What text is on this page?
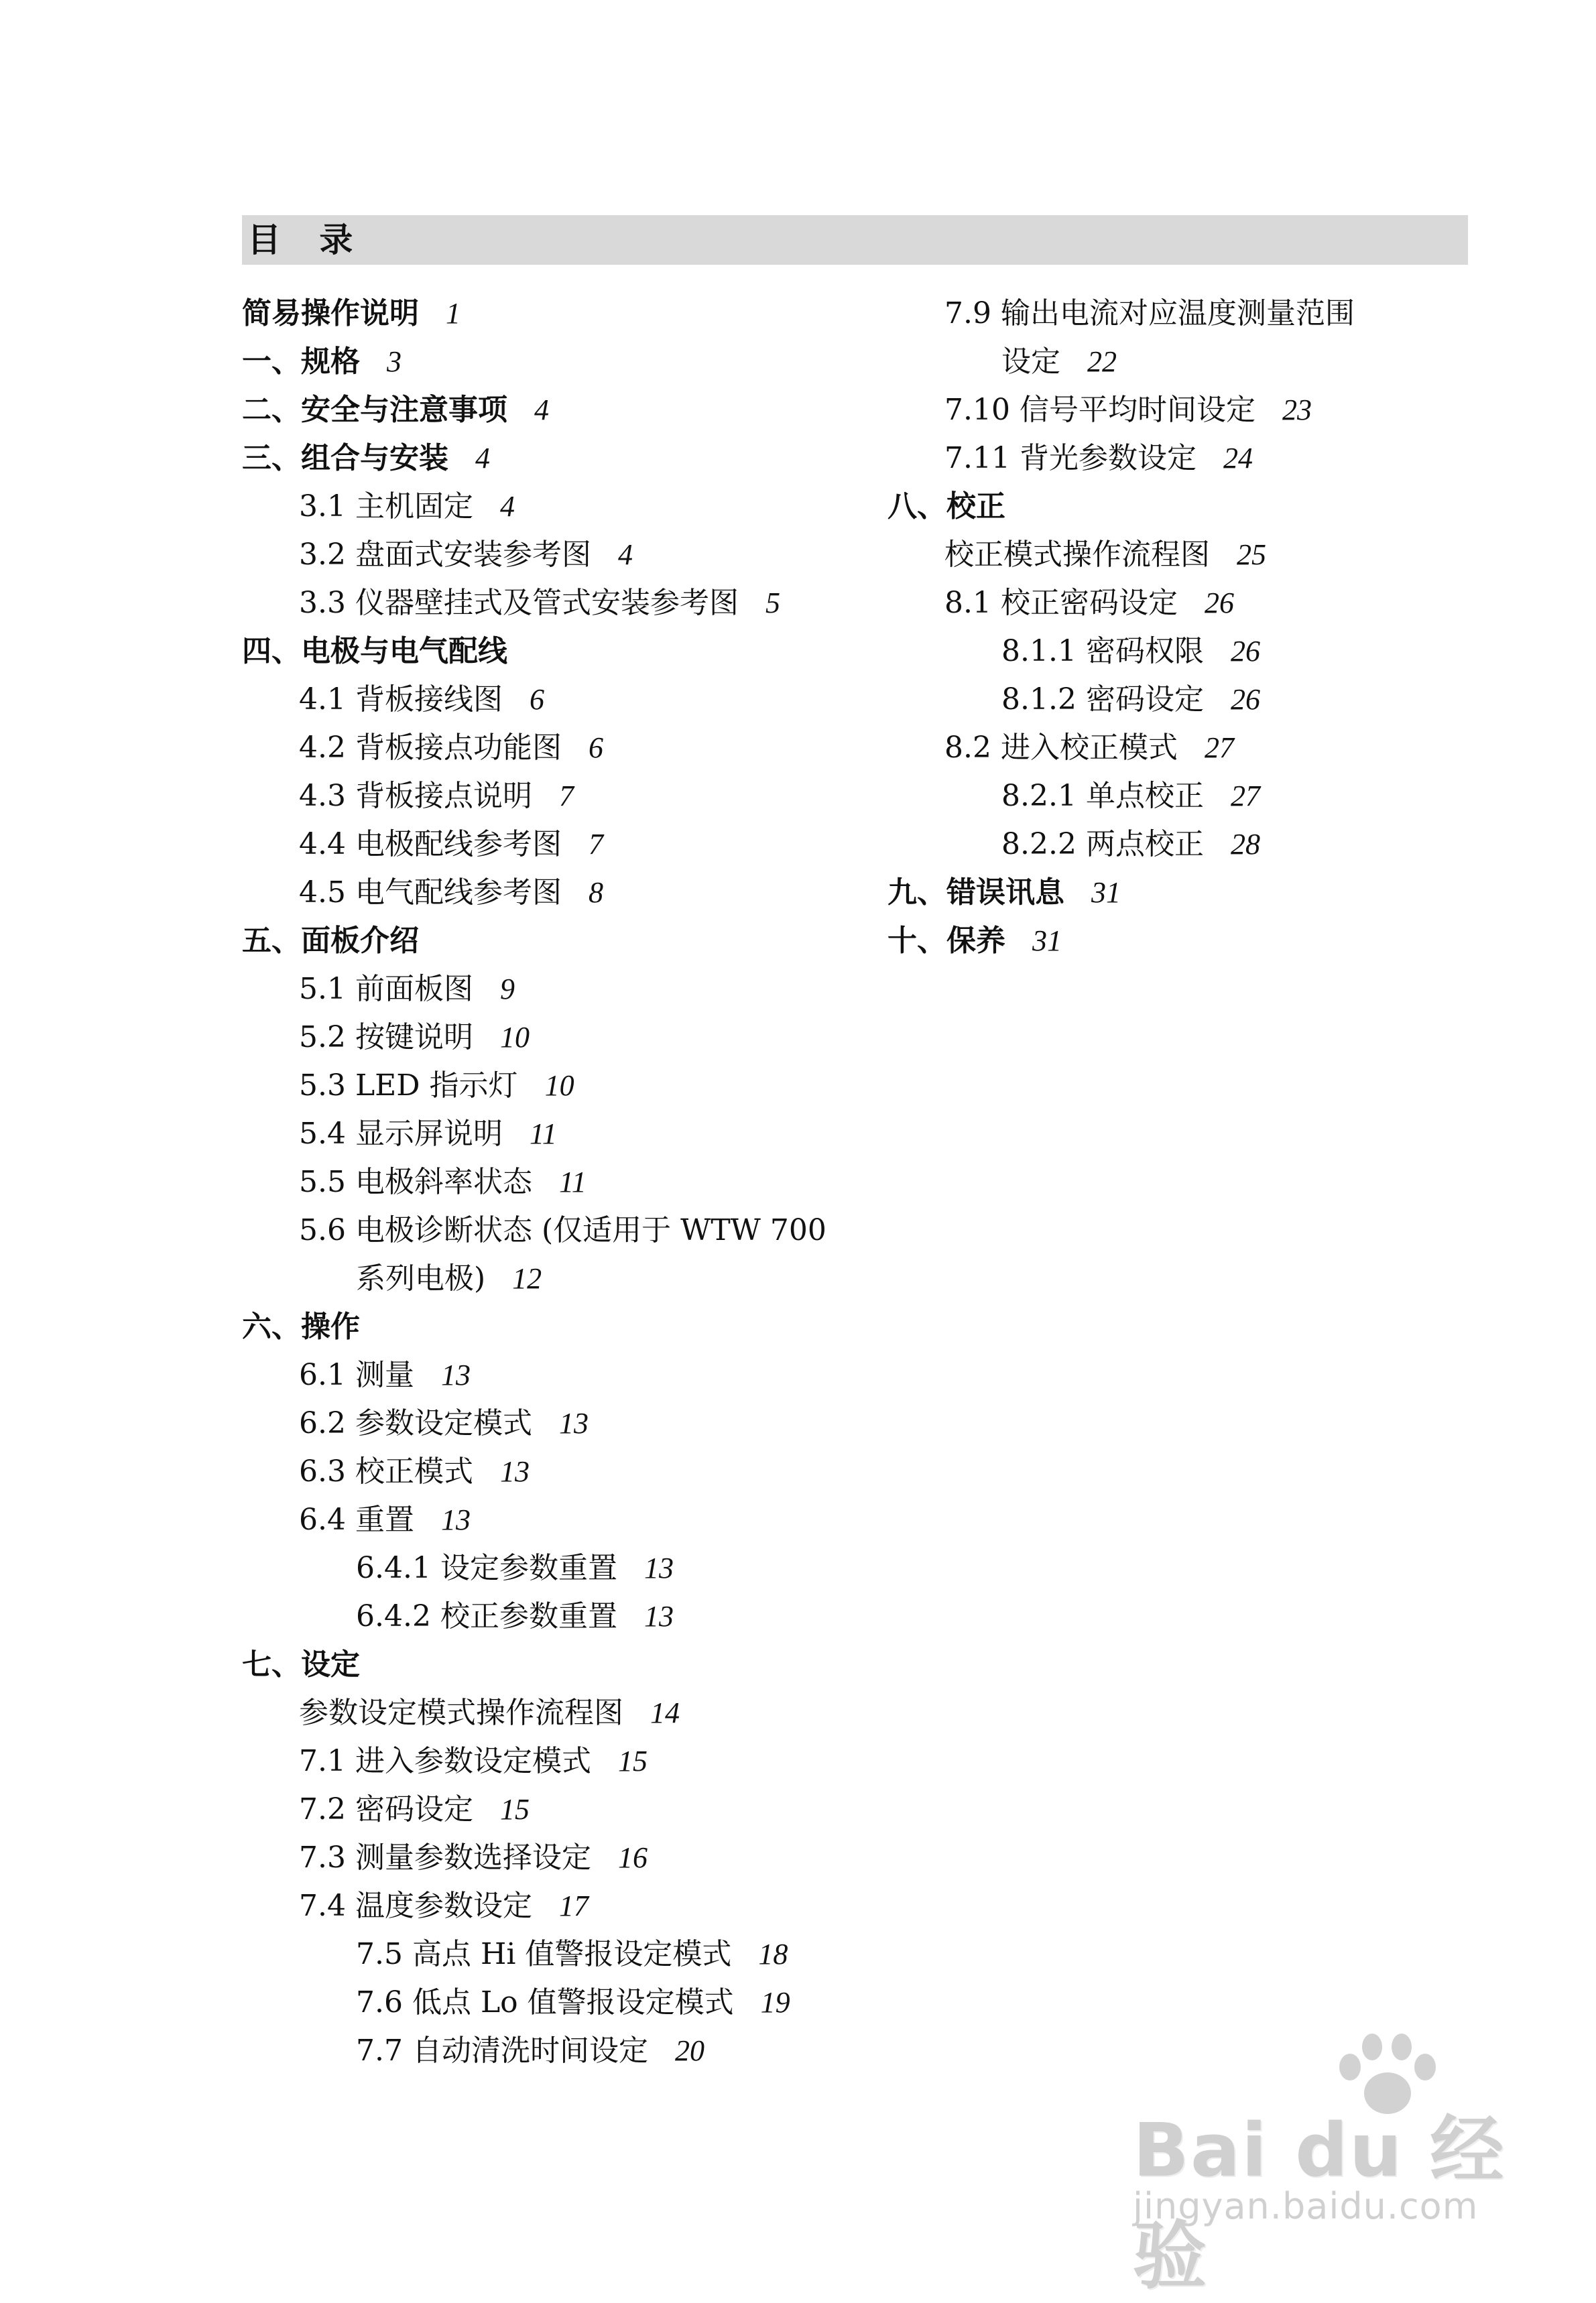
目 录
简易操作说明 1
一、规格 3
二、安全与注意事项 4
三、组合与安装 4
3.1 主机固定 4
3.2 盘面式安装参考图 4
3.3 仪器壁挂式及管式安装参考图 5
四、电极与电气配线
4.1 背板接线图 6
4.2 背板接点功能图 6
4.3 背板接点说明 7
4.4 电极配线参考图 7
4.5 电气配线参考图 8
五、面板介绍
5.1 前面板图 9
5.2 按键说明 10
5.3 LED 指示灯 10
5.4 显示屏说明 11
5.5 电极斜率状态 11
5.6 电极诊断状态 (仅适用于 WTW 700
系列电极) 12
六、操作
6.1 测量 13
6.2 参数设定模式 13
6.3 校正模式 13
6.4 重置 13
6.4.1 设定参数重置 13
6.4.2 校正参数重置 13
七、设定
参数设定模式操作流程图 14
7.1 进入参数设定模式 15
7.2 密码设定 15
7.3 测量参数选择设定 16
7.4 温度参数设定 17
7.5 高点 Hi 值警报设定模式 18
7.6 低点 Lo 值警报设定模式 19
7.7 自动清洗时间设定 20
7.9 输出电流对应温度测量范围
设定 22
7.10 信号平均时间设定 23
7.11 背光参数设定 24
八、校正
校正模式操作流程图 25
8.1 校正密码设定 26
8.1.1 密码权限 26
8.1.2 密码设定 26
8.2 进入校正模式 27
8.2.1 单点校正 27
8.2.2 两点校正 28
九、错误讯息 31
十、保养 31
Bai du 经验
jingyan.baidu.com
